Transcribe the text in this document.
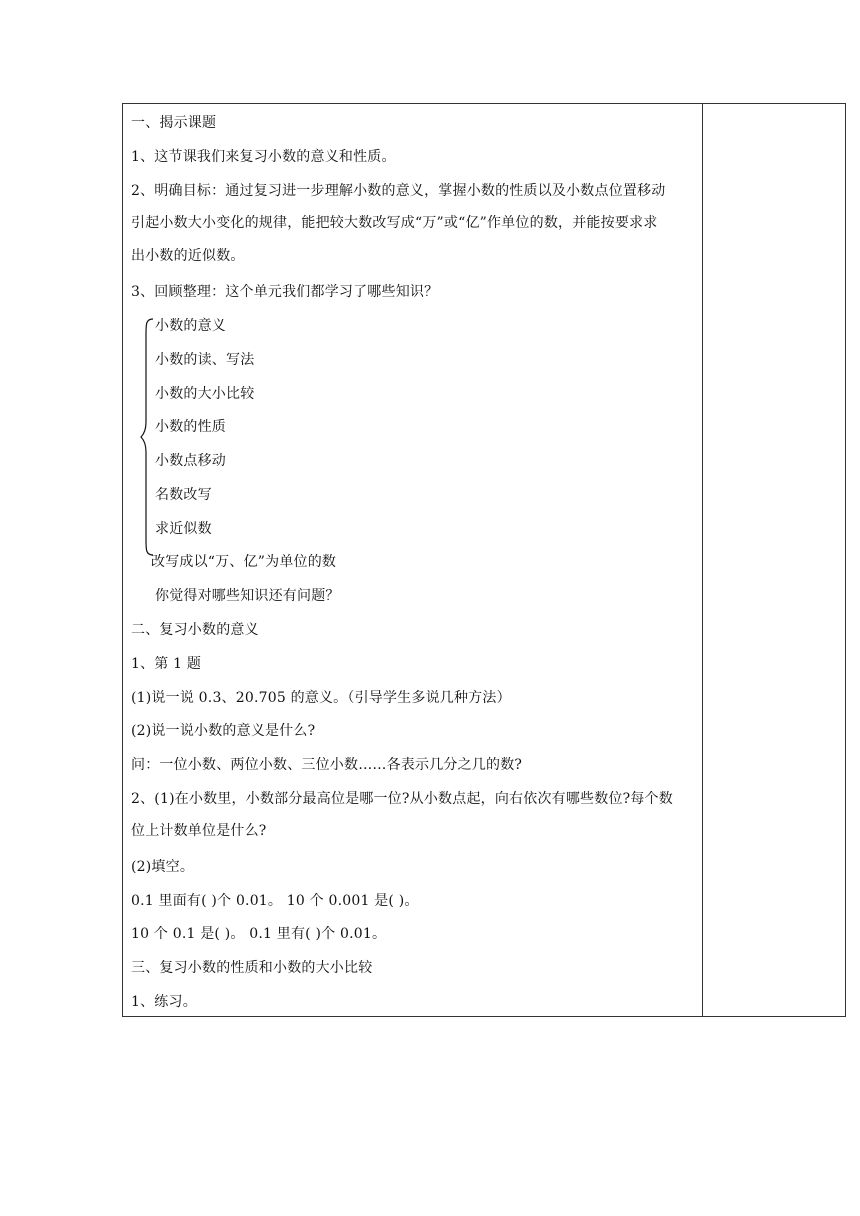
一、揭示课题
1、这节课我们来复习小数的意义和性质。
2、明确目标：通过复习进一步理解小数的意义，掌握小数的性质以及小数点位置移动
引起小数大小变化的规律，能把较大数改写成“万”或“亿”作单位的数，并能按要求求
出小数的近似数。
3、回顾整理：这个单元我们都学习了哪些知识？
小数的意义
小数的读、写法
小数的大小比较
小数的性质
小数点移动
名数改写
求近似数
改写成以“万、亿”为单位的数
你觉得对哪些知识还有问题？
二、复习小数的意义
1、第 1 题
(1)说一说 0.3、20.705 的意义。（引导学生多说几种方法）
(2)说一说小数的意义是什么?
问：一位小数、两位小数、三位小数……各表示几分之几的数?
2、(1)在小数里，小数部分最高位是哪一位?从小数点起，向右依次有哪些数位?每个数
位上计数单位是什么?
(2)填空。
0.1 里面有( )个 0.01。 10 个 0.001 是( )。
10 个 0.1 是( )。 0.1 里有( )个 0.01。
三、复习小数的性质和小数的大小比较
1、练习。
